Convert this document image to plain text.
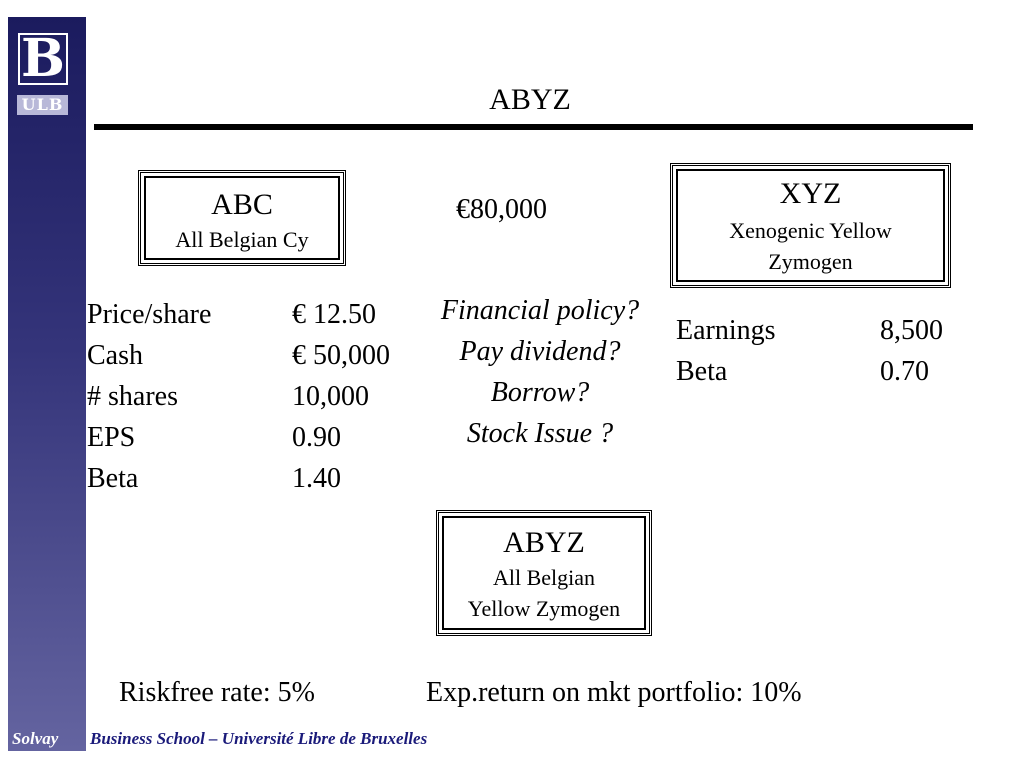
B
ULB	ABYZ
ABC
All Belgian Cy
€80,000	XYZ
Xenogenic Yellow
Zymogen
Price/share	€ 12.50
Cash	€ 50,000
# shares	10,000
EPS	0.90
Beta	1.40
Financial policy?
Pay dividend?
Borrow?
Stock Issue ?
Earnings	8,500
Beta	0.70
ABYZ
All Belgian
Yellow Zymogen
Riskfree rate: 5%	Exp.return on mkt portfolio: 10%
Solvay Business School – Université Libre de Bruxelles
